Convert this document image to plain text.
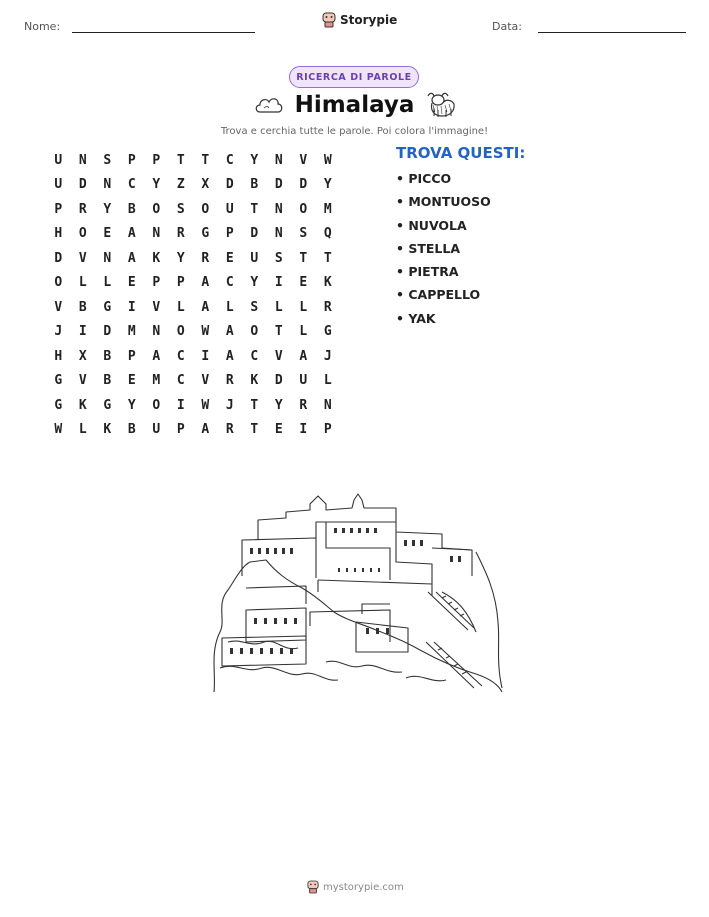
Nome:	Storypie	Data:
RICERCA DI PAROLE
Himalaya
Trova e cerchia tutte le parole. Poi colora l'immagine!
U	N	S	P	P	T	T	C	Y	N	V	W
U	D	N	C	Y	Z	X	D	B	D	D	Y
P	R	Y	B	O	S	O	U	T	N	O	M
H	O	E	A	N	R	G	P	D	N	S	Q
D	V	N	A	K	Y	R	E	U	S	T	T
O	L	L	E	P	P	A	C	Y	I	E	K
V	B	G	I	V	L	A	L	S	L	L	R
J	I	D	M	N	O	W	A	O	T	L	G
H	X	B	P	A	C	I	A	C	V	A	J
G	V	B	E	M	C	V	R	K	D	U	L
G	K	G	Y	O	I	W	J	T	Y	R	N
W	L	K	B	U	P	A	R	T	E	I	P
TROVA QUESTI:
• PICCO
• MONTUOSO
• NUVOLA
• STELLA
• PIETRA
• CAPPELLO
• YAK
mystorypie.com
